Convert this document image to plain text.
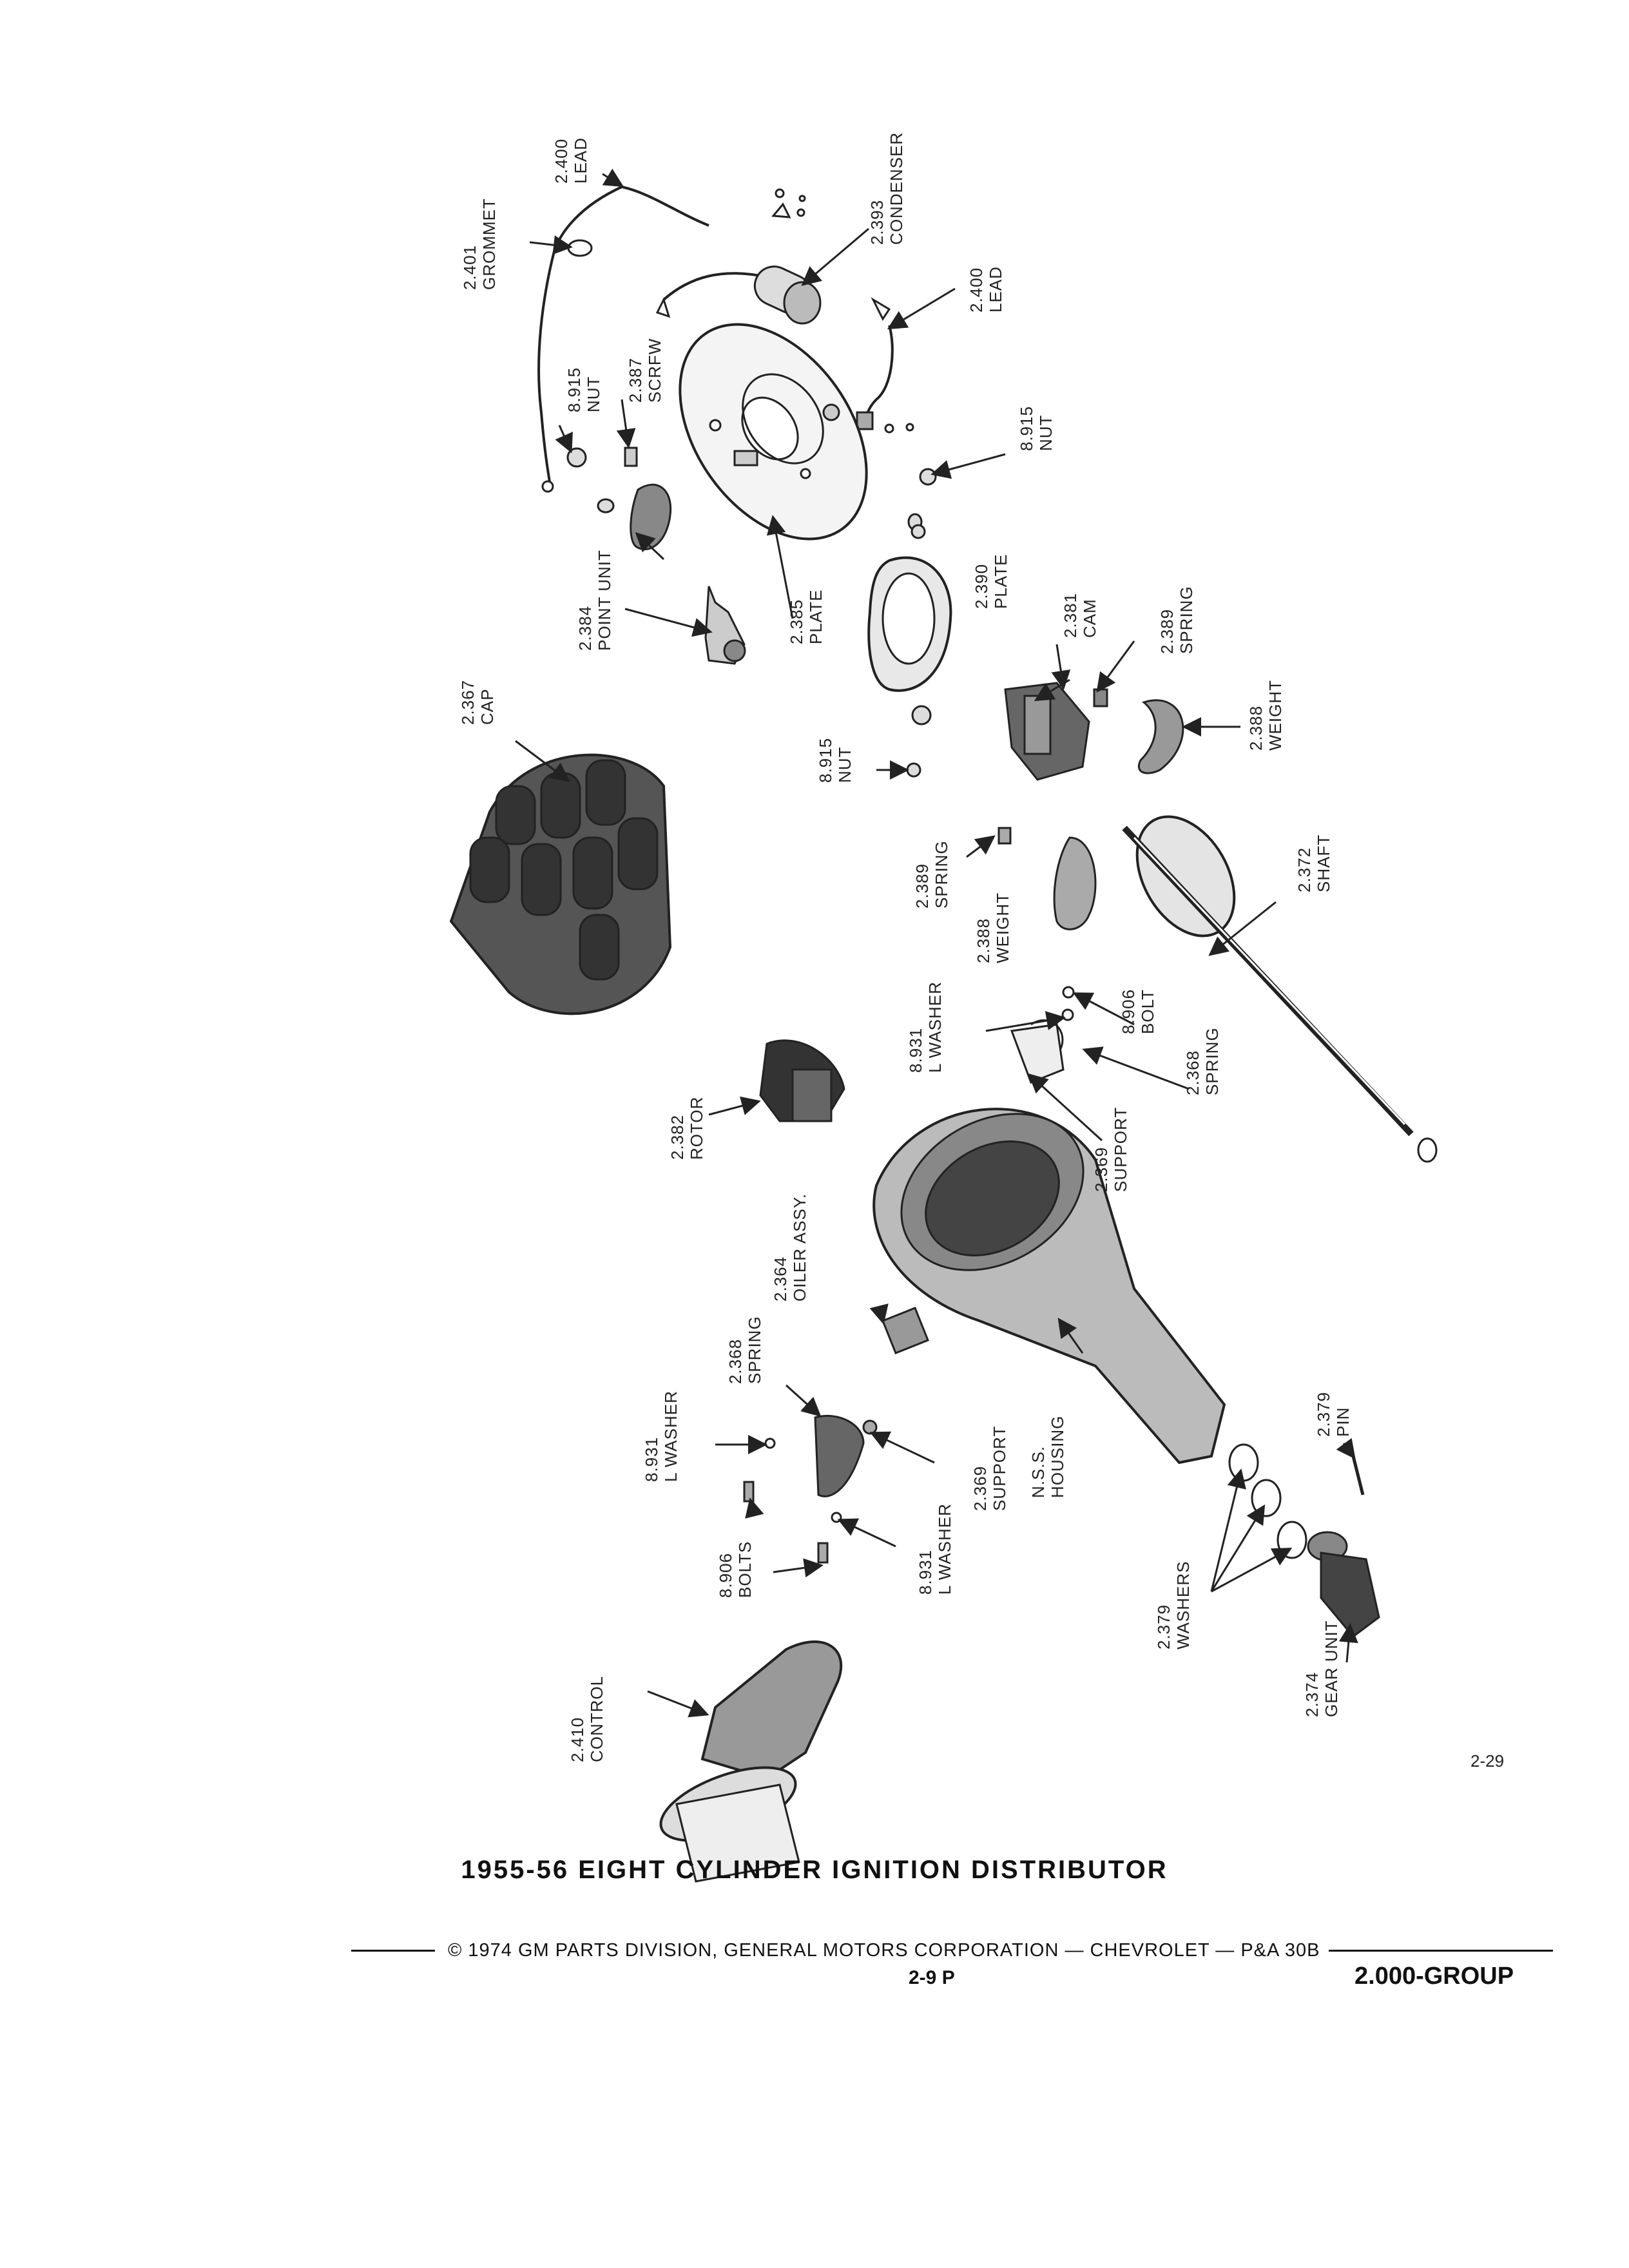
2.401GROMMET
2.400LEAD
2.393CONDENSER
2.400LEAD
8.915NUT 2.387SCRFW
8.915NUT
2.384POINT UNIT	2.385PLATE
2.390PLATE
2.381CAM	2.389SPRING
2.388WEIGHT
2.367CAP
8.915NUT
2.389SPRING
2.388WEIGHT
2.372SHAFT
8.931L WASHER	8.906BOLT
2.368SPRING
2.382ROTOR
2.369SUPPORT
2.364OILER ASSY.
2.368SPRING
8.931L WASHER
2.369SUPPORT N.S.S.HOUSING
2.379PIN
8.931L WASHER
8.906BOLTS
2.379WASHERS
2.410CONTROL	2.374GEAR UNIT
2-29
1955-56 EIGHT CYLINDER IGNITION DISTRIBUTOR
© 1974 GM PARTS DIVISION, GENERAL MOTORS CORPORATION — CHEVROLET — P&A 30B
2-9 P	2.000-GROUP
